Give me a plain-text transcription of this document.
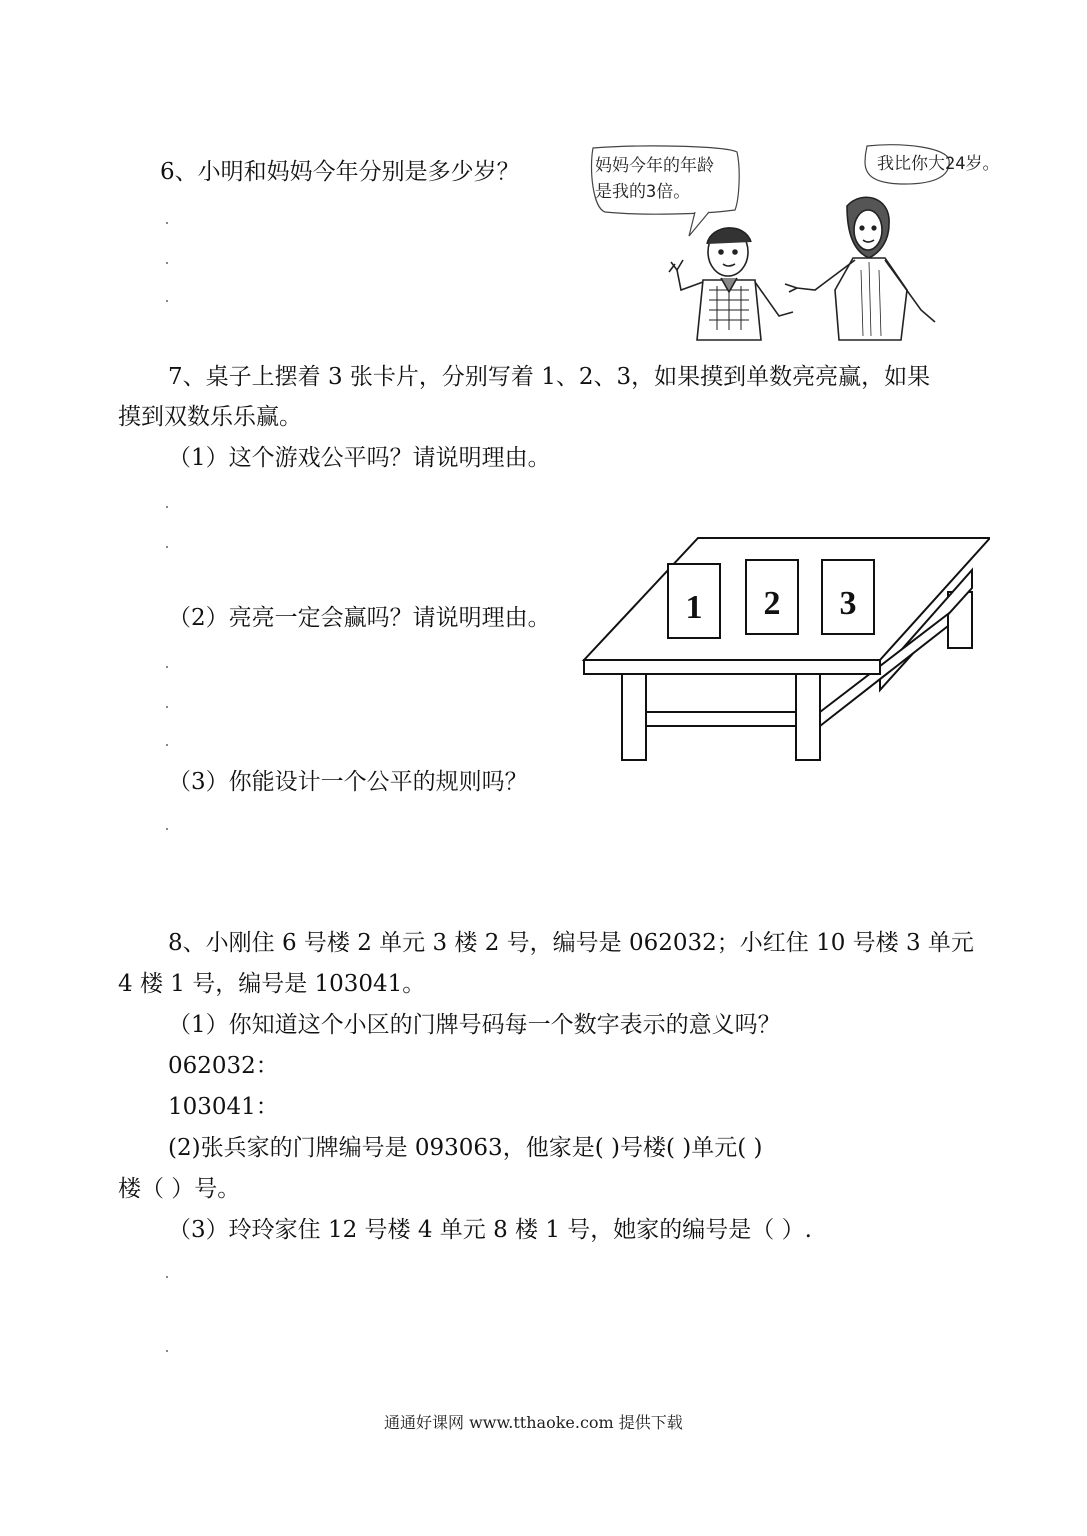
6、小明和妈妈今年分别是多少岁？	妈妈今年的年龄
是我的3倍。
我比你大24岁。
7、桌子上摆着 3 张卡片，分别写着 1、2、3，如果摸到单数亮亮赢，如果
摸到双数乐乐赢。
（1）这个游戏公平吗？请说明理由。
（2）亮亮一定会赢吗？请说明理由。
（3）你能设计一个公平的规则吗？
1 2 3
8、小刚住 6 号楼 2 单元 3 楼 2 号，编号是 062032；小红住 10 号楼 3 单元
4 楼 1 号，编号是 103041。
（1）你知道这个小区的门牌号码每一个数字表示的意义吗？
062032：
103041：
(2)张兵家的门牌编号是 093063，他家是( )号楼( )单元( )
楼（ ）号。
（3）玲玲家住 12 号楼 4 单元 8 楼 1 号，她家的编号是（ ）.
通通好课网 www.tthaoke.com 提供下载
